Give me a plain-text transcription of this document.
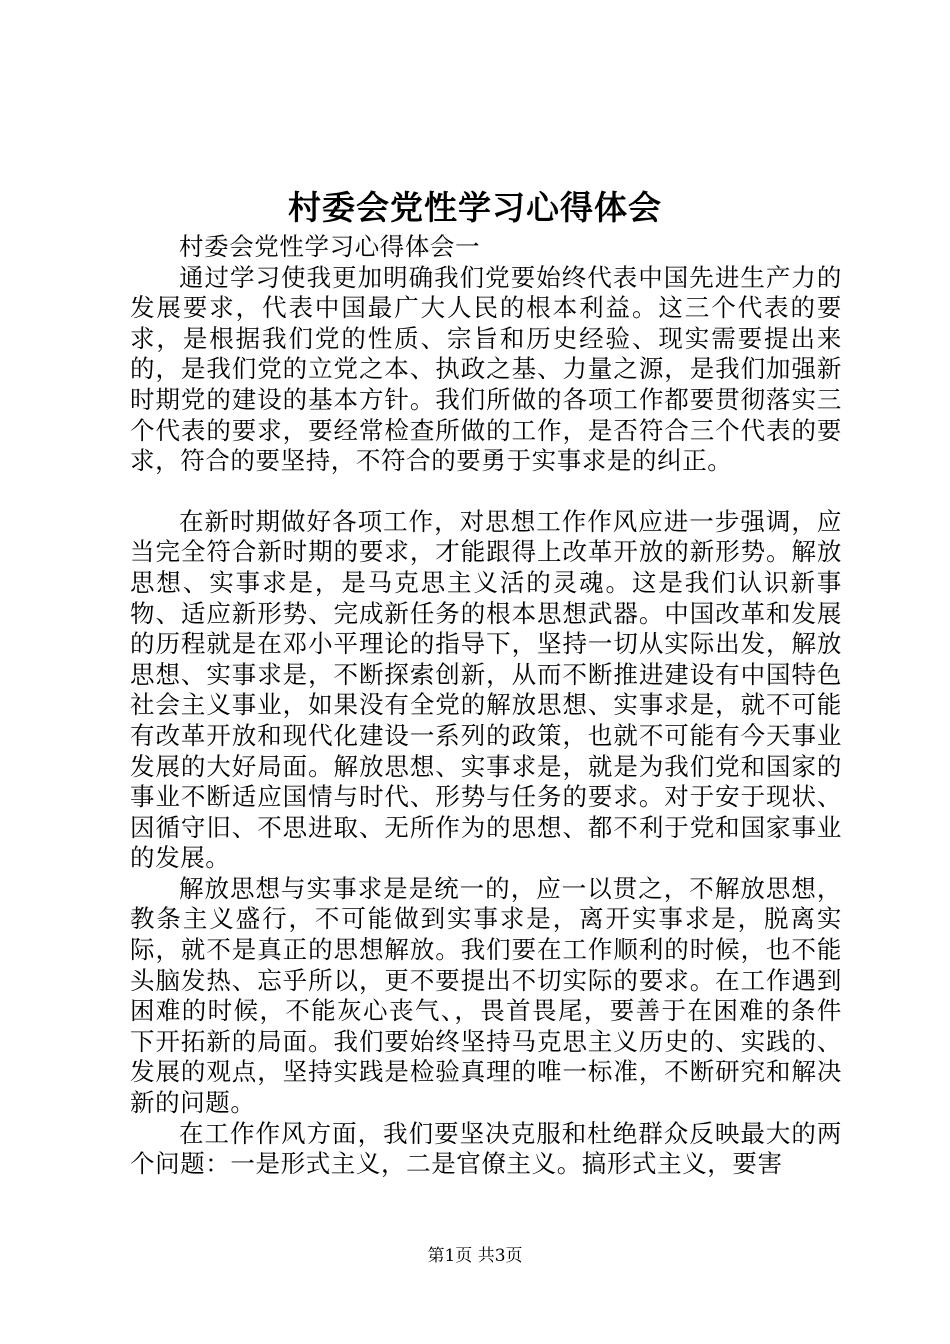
村委会党性学习心得体会

村委会党性学习心得体会一

通过学习使我更加明确我们党要始终代表中国先进生产力的发展要求，代表中国最广大人民的根本利益。这三个代表的要求，是根据我们党的性质、宗旨和历史经验、现实需要提出来的，是我们党的立党之本、执政之基、力量之源，是我们加强新时期党的建设的基本方针。我们所做的各项工作都要贯彻落实三个代表的要求，要经常检查所做的工作，是否符合三个代表的要求，符合的要坚持，不符合的要勇于实事求是的纠正。

在新时期做好各项工作，对思想工作作风应进一步强调，应当完全符合新时期的要求，才能跟得上改革开放的新形势。解放思想、实事求是，是马克思主义活的灵魂。这是我们认识新事物、适应新形势、完成新任务的根本思想武器。中国改革和发展的历程就是在邓小平理论的指导下，坚持一切从实际出发，解放思想、实事求是，不断探索创新，从而不断推进建设有中国特色社会主义事业，如果没有全党的解放思想、实事求是，就不可能有改革开放和现代化建设一系列的政策，也就不可能有今天事业发展的大好局面。解放思想、实事求是，就是为我们党和国家的事业不断适应国情与时代、形势与任务的要求。对于安于现状、因循守旧、不思进取、无所作为的思想、都不利于党和国家事业的发展。

解放思想与实事求是是统一的，应一以贯之，不解放思想，教条主义盛行，不可能做到实事求是，离开实事求是，脱离实际，就不是真正的思想解放。我们要在工作顺利的时候，也不能头脑发热、忘乎所以，更不要提出不切实际的要求。在工作遇到困难的时候，不能灰心丧气、，畏首畏尾，要善于在困难的条件下开拓新的局面。我们要始终坚持马克思主义历史的、实践的、发展的观点，坚持实践是检验真理的唯一标准，不断研究和解决新的问题。

在工作作风方面，我们要坚决克服和杜绝群众反映最大的两个问题：一是形式主义，二是官僚主义。搞形式主义，要害

第1页 共3页
